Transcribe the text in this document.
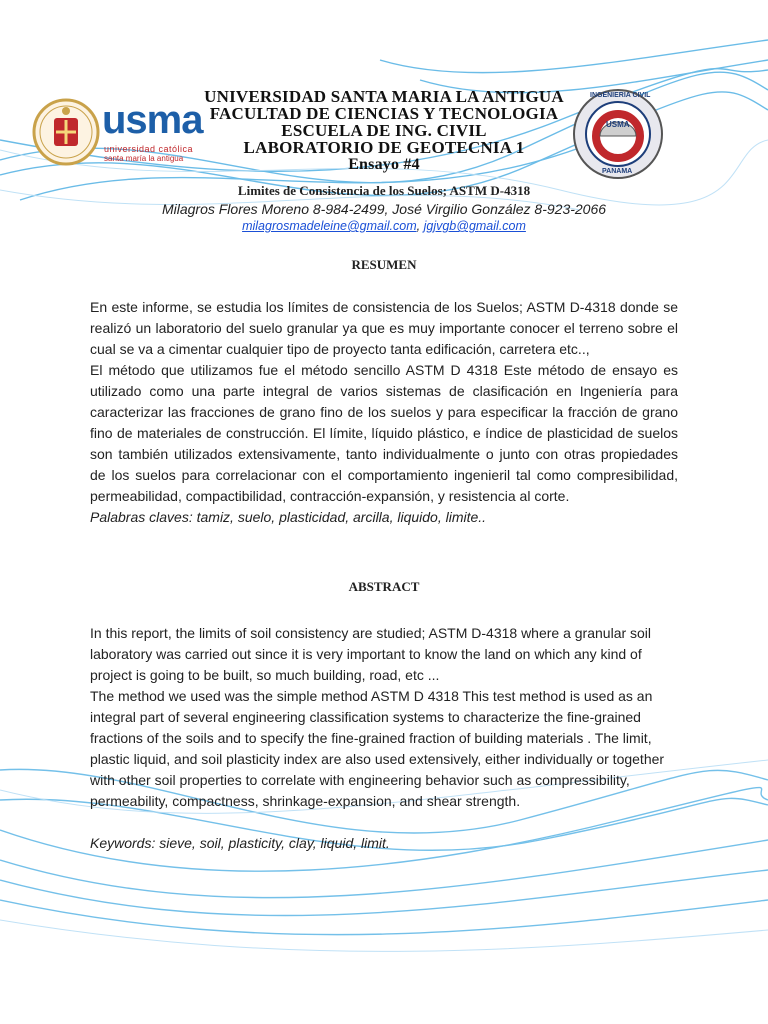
usma
universidad católica
santa maría la antigua
INGENIERIA CIVIL
USMA
PANAMA
UNIVERSIDAD SANTA MARIA LA ANTIGUA
FACULTAD DE CIENCIAS Y TECNOLOGIA
ESCUELA DE ING. CIVIL
LABORATORIO DE GEOTECNIA 1
Ensayo #4
Limites de Consistencia de los Suelos; ASTM D-4318
Milagros Flores Moreno 8-984-2499, José Virgilio González 8-923-2066
milagrosmadeleine@gmail.com, jgjvgb@gmail.com
RESUMEN

En este informe, se estudia los límites de consistencia de los Suelos; ASTM D-4318 donde se realizó un laboratorio del suelo granular ya que es muy importante conocer el terreno sobre el cual se va a cimentar cualquier tipo de proyecto tanta edificación, carretera etc..,

El método que utilizamos fue el método sencillo ASTM D 4318 Este método de ensayo es utilizado como una parte integral de varios sistemas de clasificación en Ingeniería para caracterizar las fracciones de grano fino de los suelos y para especificar la fracción de grano fino de materiales de construcción. El límite, líquido plástico, e índice de plasticidad de suelos son también utilizados extensivamente, tanto individualmente o junto con otras propiedades de los suelos para correlacionar con el comportamiento ingenieril tal como compresibilidad, permeabilidad, compactibilidad, contracción-expansión, y resistencia al corte.

Palabras claves: tamiz, suelo, plasticidad, arcilla, liquido, limite..

ABSTRACT

In this report, the limits of soil consistency are studied; ASTM D-4318 where a granular soil laboratory was carried out since it is very important to know the land on which any kind of project is going to be built, so much building, road, etc ...

The method we used was the simple method ASTM D 4318 This test method is used as an integral part of several engineering classification systems to characterize the fine-grained fractions of the soils and to specify the fine-grained fraction of building materials . The limit, plastic liquid, and soil plasticity index are also used extensively, either individually or together with other soil properties to correlate with engineering behavior such as compressibility, permeability, compactness, shrinkage-expansion, and shear strength.

Keywords: sieve, soil, plasticity, clay, liquid, limit.
